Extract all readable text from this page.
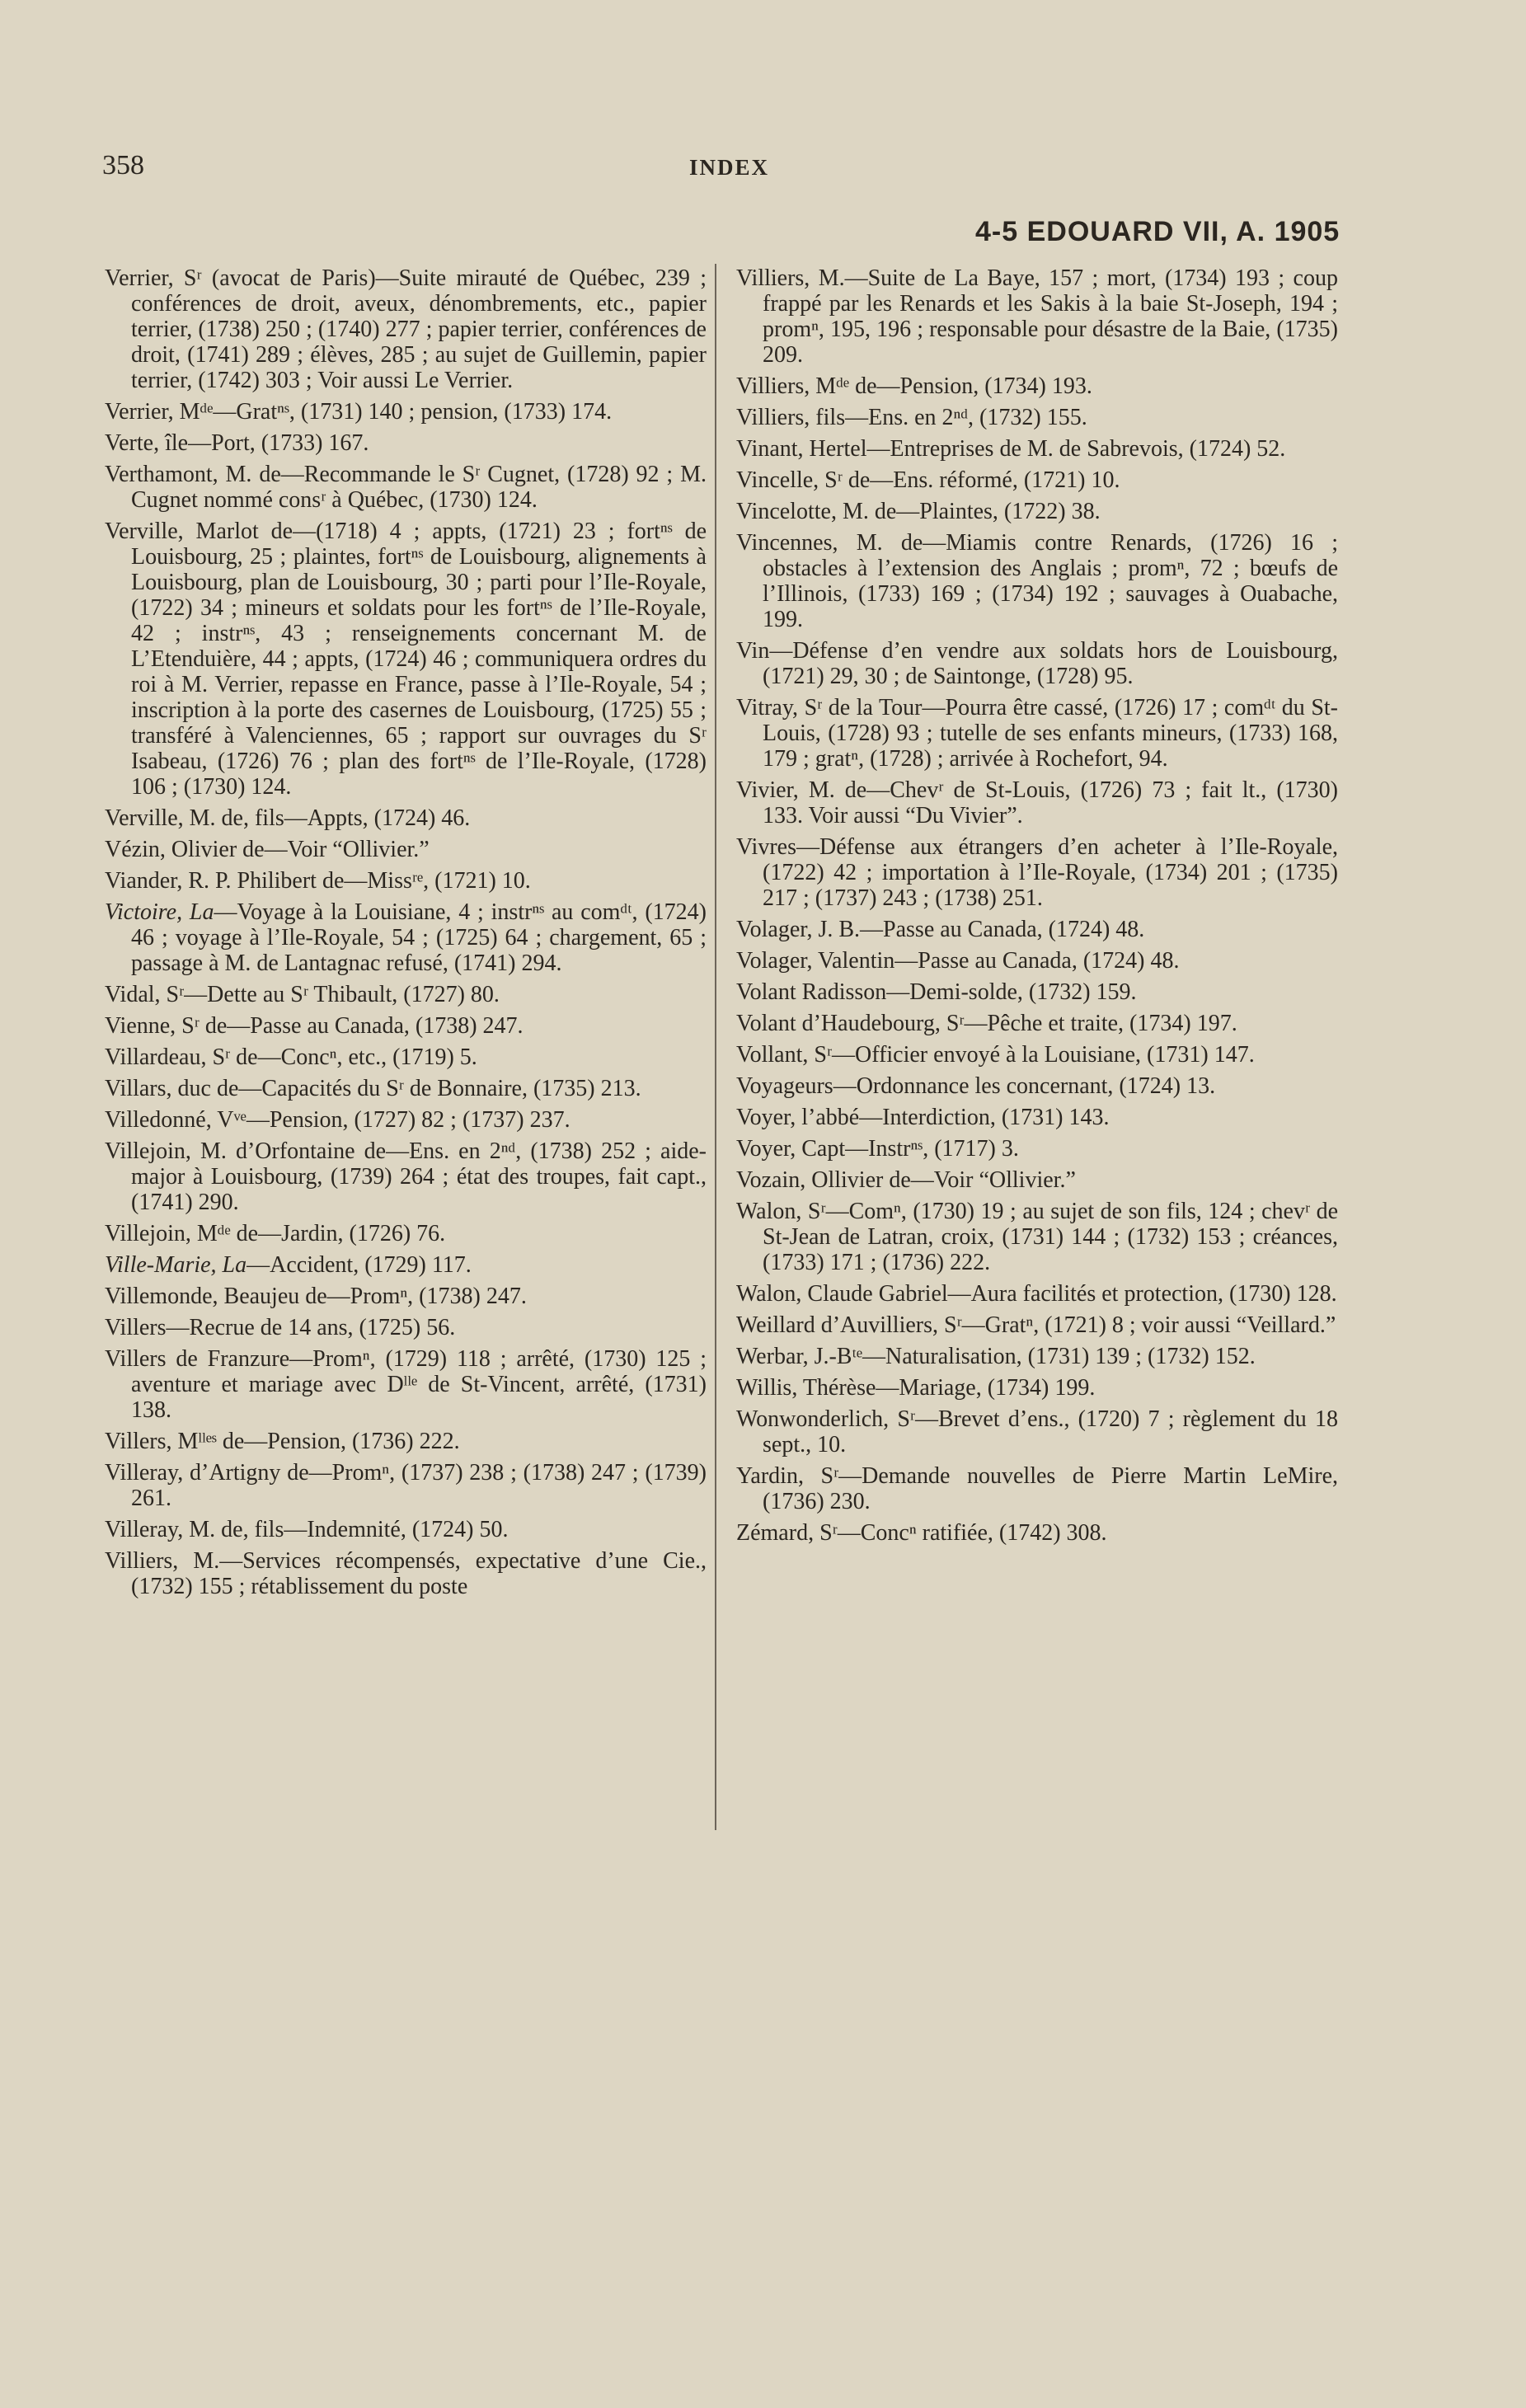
358	INDEX
4-5 EDOUARD VII, A. 1905

Verrier, Sʳ (avocat de Paris)—Suite mirauté de Québec, 239 ; conférences de droit, aveux, dénombrements, etc., papier terrier, (1738) 250 ; (1740) 277 ; papier terrier, conférences de droit, (1741) 289 ; élèves, 285 ; au sujet de Guillemin, papier terrier, (1742) 303 ; Voir aussi Le Verrier.

Verrier, Mᵈᵉ—Gratⁿˢ, (1731) 140 ; pension, (1733) 174.

Verte, île—Port, (1733) 167.

Verthamont, M. de—Recommande le Sʳ Cugnet, (1728) 92 ; M. Cugnet nommé consʳ à Québec, (1730) 124.

Verville, Marlot de—(1718) 4 ; appts, (1721) 23 ; fortⁿˢ de Louisbourg, 25 ; plaintes, fortⁿˢ de Louisbourg, alignements à Louisbourg, plan de Louisbourg, 30 ; parti pour l’Ile-Royale, (1722) 34 ; mineurs et soldats pour les fortⁿˢ de l’Ile-Royale, 42 ; instrⁿˢ, 43 ; renseignements concernant M. de L’Etenduière, 44 ; appts, (1724) 46 ; communiquera ordres du roi à M. Verrier, repasse en France, passe à l’Ile-Royale, 54 ; inscription à la porte des casernes de Louisbourg, (1725) 55 ; transféré à Valenciennes, 65 ; rapport sur ouvrages du Sʳ Isabeau, (1726) 76 ; plan des fortⁿˢ de l’Ile-Royale, (1728) 106 ; (1730) 124.

Verville, M. de, fils—Appts, (1724) 46.

Vézin, Olivier de—Voir “Ollivier.”

Viander, R. P. Philibert de—Missʳᵉ, (1721) 10.

Victoire, La—Voyage à la Louisiane, 4 ; instrⁿˢ au comᵈᵗ, (1724) 46 ; voyage à l’Ile-Royale, 54 ; (1725) 64 ; chargement, 65 ; passage à M. de Lantagnac refusé, (1741) 294.

Vidal, Sʳ—Dette au Sʳ Thibault, (1727) 80.

Vienne, Sʳ de—Passe au Canada, (1738) 247.

Villardeau, Sʳ de—Concⁿ, etc., (1719) 5.

Villars, duc de—Capacités du Sʳ de Bonnaire, (1735) 213.

Villedonné, Vᵛᵉ—Pension, (1727) 82 ; (1737) 237.

Villejoin, M. d’Orfontaine de—Ens. en 2ⁿᵈ, (1738) 252 ; aide-major à Louisbourg, (1739) 264 ; état des troupes, fait capt., (1741) 290.

Villejoin, Mᵈᵉ de—Jardin, (1726) 76.

Ville-Marie, La—Accident, (1729) 117.

Villemonde, Beaujeu de—Promⁿ, (1738) 247.

Villers—Recrue de 14 ans, (1725) 56.

Villers de Franzure—Promⁿ, (1729) 118 ; arrêté, (1730) 125 ; aventure et mariage avec Dˡˡᵉ de St-Vincent, arrêté, (1731) 138.

Villers, Mˡˡᵉˢ de—Pension, (1736) 222.

Villeray, d’Artigny de—Promⁿ, (1737) 238 ; (1738) 247 ; (1739) 261.

Villeray, M. de, fils—Indemnité, (1724) 50.

Villiers, M.—Services récompensés, expectative d’une Cie., (1732) 155 ; rétablissement du poste

Villiers, M.—Suite de La Baye, 157 ; mort, (1734) 193 ; coup frappé par les Renards et les Sakis à la baie St-Joseph, 194 ; promⁿ, 195, 196 ; responsable pour désastre de la Baie, (1735) 209.

Villiers, Mᵈᵉ de—Pension, (1734) 193.

Villiers, fils—Ens. en 2ⁿᵈ, (1732) 155.

Vinant, Hertel—Entreprises de M. de Sabrevois, (1724) 52.

Vincelle, Sʳ de—Ens. réformé, (1721) 10.

Vincelotte, M. de—Plaintes, (1722) 38.

Vincennes, M. de—Miamis contre Renards, (1726) 16 ; obstacles à l’extension des Anglais ; promⁿ, 72 ; bœufs de l’Illinois, (1733) 169 ; (1734) 192 ; sauvages à Ouabache, 199.

Vin—Défense d’en vendre aux soldats hors de Louisbourg, (1721) 29, 30 ; de Saintonge, (1728) 95.

Vitray, Sʳ de la Tour—Pourra être cassé, (1726) 17 ; comᵈᵗ du St-Louis, (1728) 93 ; tutelle de ses enfants mineurs, (1733) 168, 179 ; gratⁿ, (1728) ; arrivée à Rochefort, 94.

Vivier, M. de—Chevʳ de St-Louis, (1726) 73 ; fait lt., (1730) 133. Voir aussi “Du Vivier”.

Vivres—Défense aux étrangers d’en acheter à l’Ile-Royale, (1722) 42 ; importation à l’Ile-Royale, (1734) 201 ; (1735) 217 ; (1737) 243 ; (1738) 251.

Volager, J. B.—Passe au Canada, (1724) 48.

Volager, Valentin—Passe au Canada, (1724) 48.

Volant Radisson—Demi-solde, (1732) 159.

Volant d’Haudebourg, Sʳ—Pêche et traite, (1734) 197.

Vollant, Sʳ—Officier envoyé à la Louisiane, (1731) 147.

Voyageurs—Ordonnance les concernant, (1724) 13.

Voyer, l’abbé—Interdiction, (1731) 143.

Voyer, Capt—Instrⁿˢ, (1717) 3.

Vozain, Ollivier de—Voir “Ollivier.”

Walon, Sʳ—Comⁿ, (1730) 19 ; au sujet de son fils, 124 ; chevʳ de St-Jean de Latran, croix, (1731) 144 ; (1732) 153 ; créances, (1733) 171 ; (1736) 222.

Walon, Claude Gabriel—Aura facilités et protection, (1730) 128.

Weillard d’Auvilliers, Sʳ—Gratⁿ, (1721) 8 ; voir aussi “Veillard.”

Werbar, J.-Bᵗᵉ—Naturalisation, (1731) 139 ; (1732) 152.

Willis, Thérèse—Mariage, (1734) 199.

Wonwonderlich, Sʳ—Brevet d’ens., (1720) 7 ; règlement du 18 sept., 10.

Yardin, Sʳ—Demande nouvelles de Pierre Martin LeMire, (1736) 230.

Zémard, Sʳ—Concⁿ ratifiée, (1742) 308.
